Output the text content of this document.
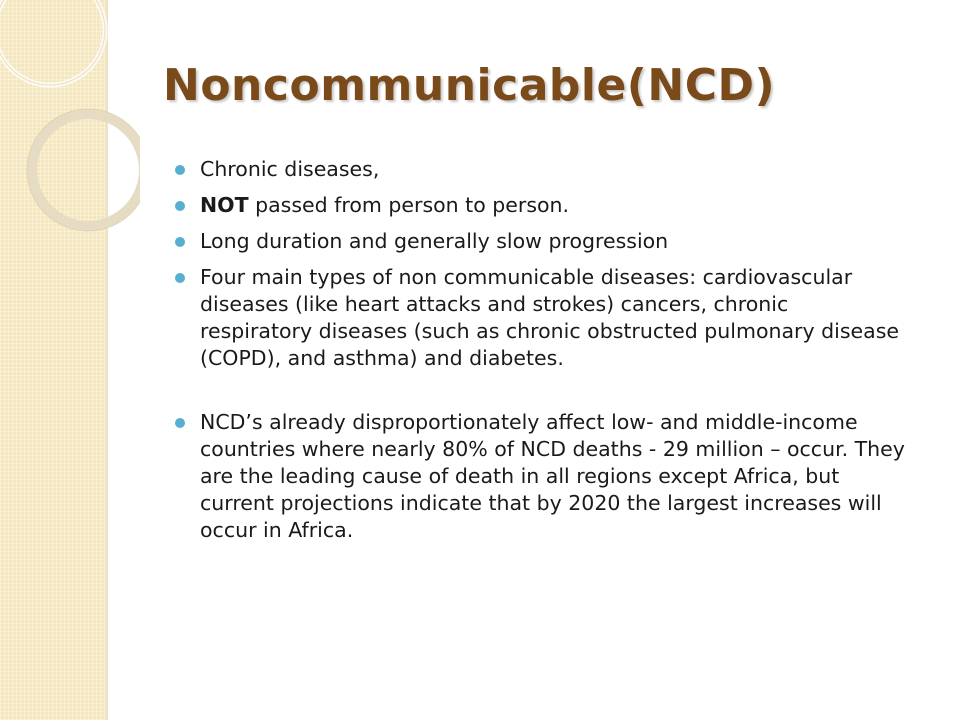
Noncommunicable(NCD)
Chronic diseases,
NOT passed from person to person.
Long duration and generally slow progression
Four main types of non communicable diseases: cardiovascular diseases (like heart attacks and strokes) cancers, chronic respiratory diseases (such as chronic obstructed pulmonary disease (COPD), and asthma) and diabetes.
NCD’s already disproportionately affect low- and middle-income countries where nearly 80% of NCD deaths - 29 million – occur. They are the leading cause of death in all regions except Africa, but current projections indicate that by 2020 the largest increases will occur in Africa.
